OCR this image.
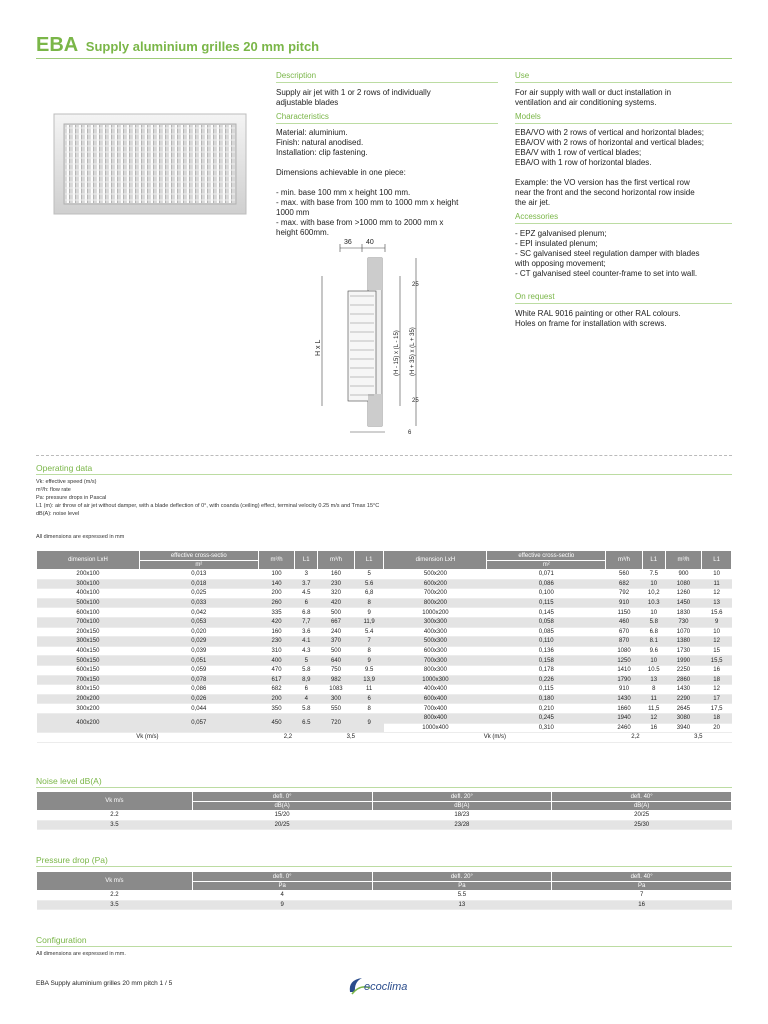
EBA Supply aluminium grilles 20 mm pitch
Description
Supply air jet with 1 or 2 rows of individually
adjustable blades
Characteristics
Material: aluminium.
Finish: natural anodised.
Installation: clip fastening.
Dimensions achievable in one piece:
- min. base 100 mm x height 100 mm.
- max. with base from 100 mm to 1000 mm x height
1000 mm
- max. with base from >1000 mm to 2000 mm x
height 600mm.
Use
For air supply with wall or duct installation in
ventilation and air conditioning systems.
Models
EBA/VO with 2 rows of vertical and horizontal blades;
EBA/OV with 2 rows of horizontal and vertical blades;
EBA/V with 1 row of vertical blades;
EBA/O with 1 row of horizontal blades.
Example: the VO version has the first vertical row
near the front and the second horizontal row inside
the air jet.
Accessories
- EPZ galvanised plenum;
- EPI insulated plenum;
- SC galvanised steel regulation damper with blades
with opposing movement;
- CT galvanised steel counter-frame to set into wall.
On request
White RAL 9016 painting or other RAL colours.
Holes on frame for installation with screws.
36 40
25
25
6
H x L	(H - 15) x (L - 15) (H + 35) x (L + 35)
Operating data
Vk: effective speed (m/s)
m³/h: flow rate
Pa: pressure drops in Pascal
L1 (m): air throw of air jet without damper, with a blade deflection of 0°, with coanda (ceiling) effect, terminal velocity 0.25 m/s and Tmax 15°C
dB(A): noise level
All dimensions are expressed in mm
dimension LxH	effective cross-sectio	m³/h	L1	m³/h	L1	dimension LxH	effective cross-sectio	m³/h	L1	m³/h	L1
	m²						m²				
200x100	0,013	100	3	160	5	500x200	0,071	560	7.5	900	10
300x100	0,018	140	3.7	230	5.6	600x200	0,086	682	10	1080	11
400x100	0,025	200	4.5	320	6,8	700x200	0,100	792	10,2	1260	12
500x100	0,033	260	6	420	8	800x200	0,115	910	10.3	1450	13
600x100	0,042	335	6.8	500	9	1000x200	0,145	1150	10	1830	15.6
700x100	0,053	420	7,7	667	11,9	300x300	0,058	460	5.8	730	9
200x150	0,020	160	3.6	240	5.4	400x300	0,085	670	6.8	1070	10
300x150	0,029	230	4.1	370	7	500x300	0,110	870	8.1	1380	12
400x150	0,039	310	4.3	500	8	600x300	0,136	1080	9.6	1730	15
500x150	0,051	400	5	640	9	700x300	0,158	1250	10	1990	15,5
600x150	0,059	470	5.8	750	9.5	800x300	0,178	1410	10.5	2250	16
700x150	0,078	617	8,9	982	13,9	1000x300	0,226	1790	13	2860	18
800x150	0,086	682	6	1083	11	400x400	0,115	910	8	1430	12
200x200	0,026	200	4	300	6	600x400	0,180	1430	11	2290	17
300x200	0,044	350	5.8	550	8	700x400	0,210	1660	11,5	2645	17,5
400x200	0,057	450	6.5	720	9	800x400	0,245	1940	12	3080	18
						1000x400	0,310	2460	16	3940	20
Vk (m/s)		2,2		3,5		Vk (m/s)		2,2		3,5	
Noise level dB(A)
Vk m/s	defl. 0°	defl. 20°	defl. 40°
	dB(A)	dB(A)	dB(A)
2.2	15/20	18/23	20/25
3.5	20/25	23/28	25/30
Pressure drop (Pa)
Vk m/s	defl. 0°	defl. 20°	defl. 40°
	Pa	Pa	Pa
2.2	4	5.5	7
3.5	9	13	16
Configuration
All dimensions are expressed in mm.
EBA Supply aluminium grilles 20 mm pitch 1 / 5	ecoclima
